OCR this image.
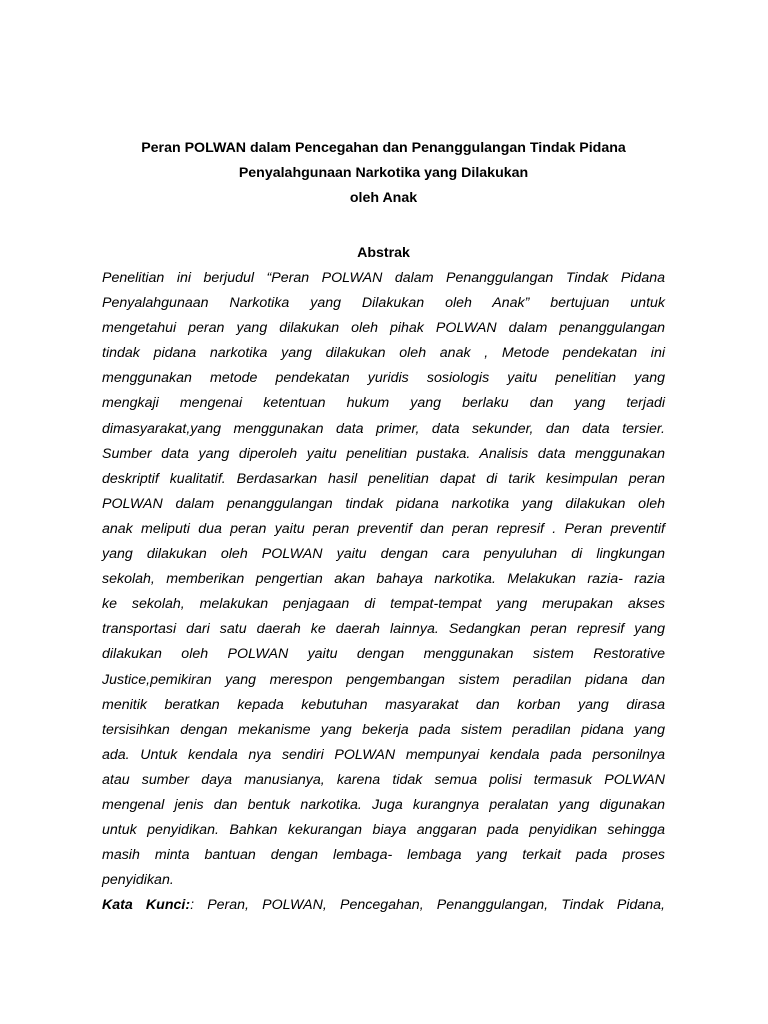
Peran POLWAN dalam Pencegahan dan Penanggulangan Tindak Pidana
Penyalahgunaan Narkotika yang Dilakukan
oleh Anak
Abstrak
Penelitian ini berjudul “Peran POLWAN dalam Penanggulangan Tindak Pidana
Penyalahgunaan Narkotika yang Dilakukan oleh Anak” bertujuan untuk
mengetahui peran yang dilakukan oleh pihak POLWAN dalam penanggulangan
tindak pidana narkotika yang dilakukan oleh anak , Metode pendekatan ini
menggunakan metode pendekatan yuridis sosiologis yaitu penelitian yang
mengkaji mengenai ketentuan hukum yang berlaku dan yang terjadi
dimasyarakat,yang menggunakan data primer, data sekunder, dan data tersier.
Sumber data yang diperoleh yaitu penelitian pustaka. Analisis data menggunakan
deskriptif kualitatif. Berdasarkan hasil penelitian dapat di tarik kesimpulan peran
POLWAN dalam penanggulangan tindak pidana narkotika yang dilakukan oleh
anak meliputi dua peran yaitu peran preventif dan peran represif . Peran preventif
yang dilakukan oleh POLWAN yaitu dengan cara penyuluhan di lingkungan
sekolah, memberikan pengertian akan bahaya narkotika. Melakukan razia- razia
ke sekolah, melakukan penjagaan di tempat-tempat yang merupakan akses
transportasi dari satu daerah ke daerah lainnya. Sedangkan peran represif yang
dilakukan oleh POLWAN yaitu dengan menggunakan sistem Restorative
Justice,pemikiran yang merespon pengembangan sistem peradilan pidana dan
menitik beratkan kepada kebutuhan masyarakat dan korban yang dirasa
tersisihkan dengan mekanisme yang bekerja pada sistem peradilan pidana yang
ada. Untuk kendala nya sendiri POLWAN mempunyai kendala pada personilnya
atau sumber daya manusianya, karena tidak semua polisi termasuk POLWAN
mengenal jenis dan bentuk narkotika. Juga kurangnya peralatan yang digunakan
untuk penyidikan. Bahkan kekurangan biaya anggaran pada penyidikan sehingga
masih minta bantuan dengan lembaga- lembaga yang terkait pada proses
penyidikan.
Kata Kunci:: Peran, POLWAN, Pencegahan, Penanggulangan, Tindak Pidana,
